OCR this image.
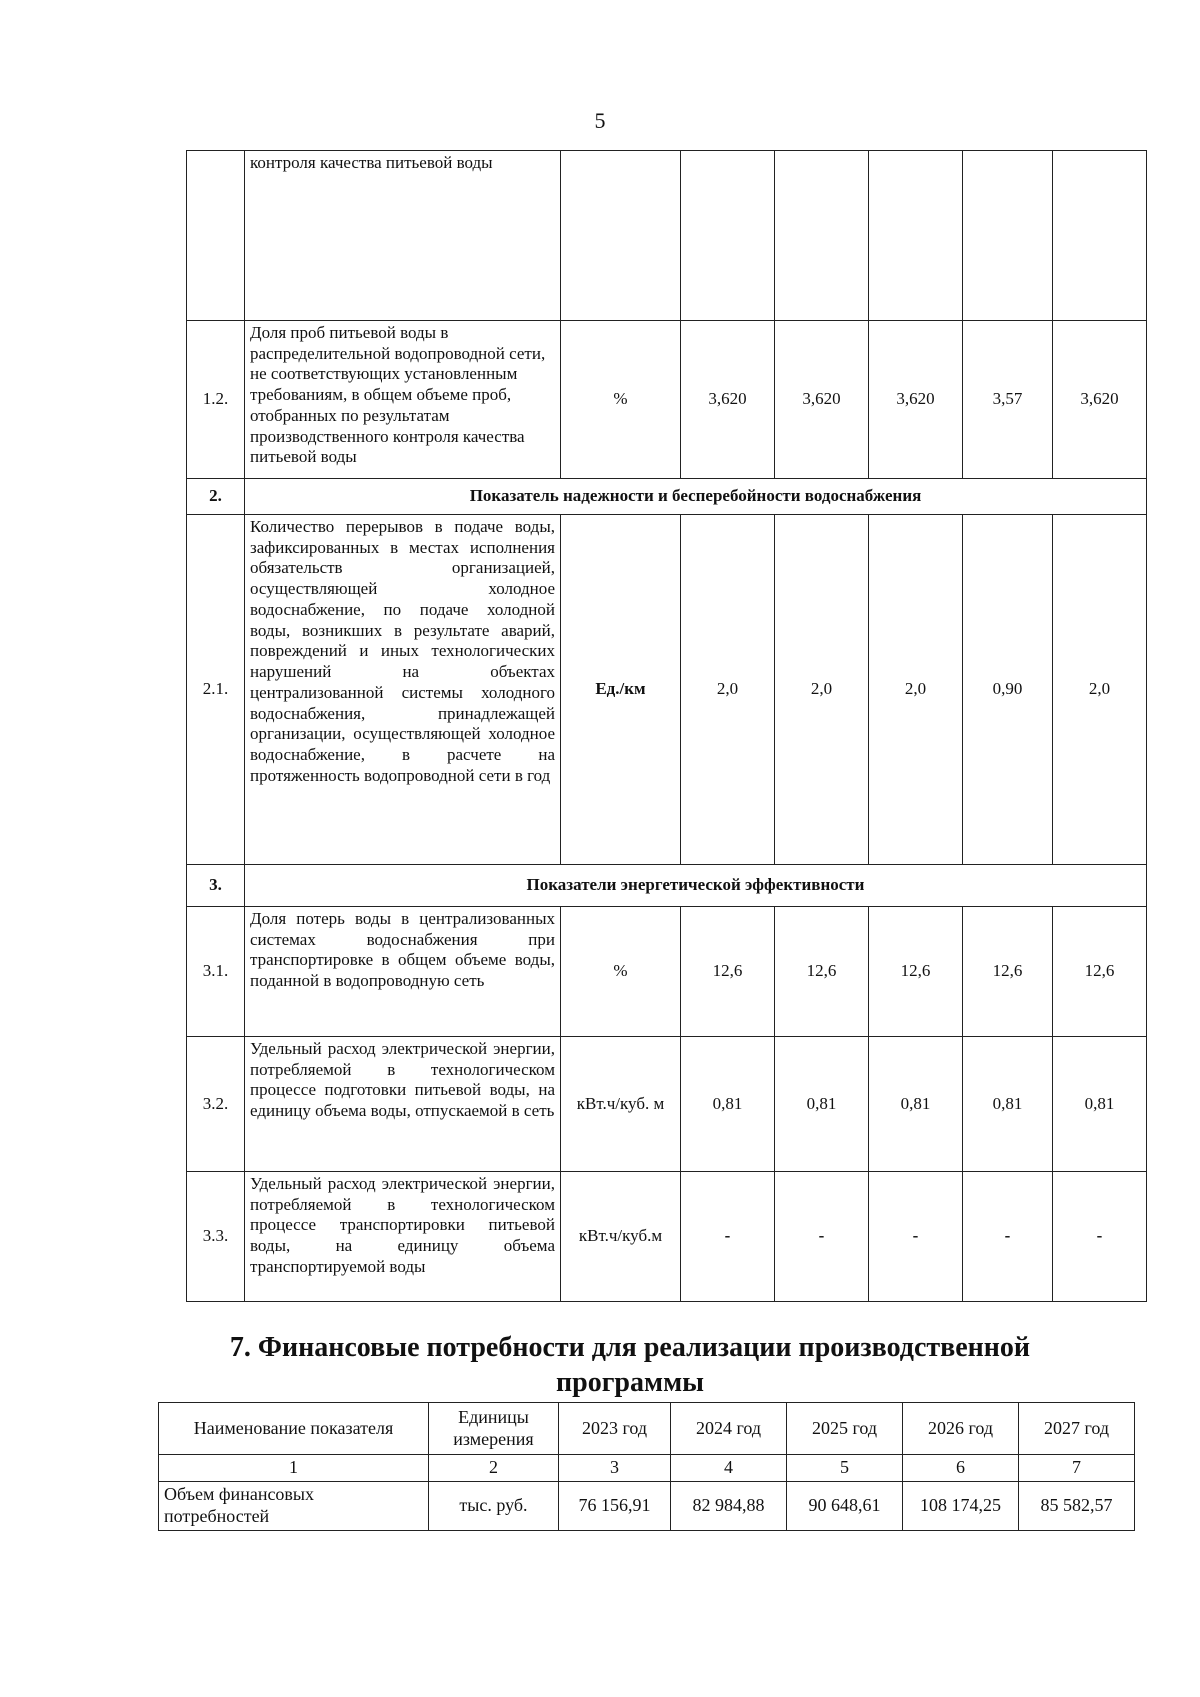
5
	контроля качества питьевой воды						
1.2.	Доля проб питьевой воды в распределительной водопроводной сети, не соответствующих установленным требованиям, в общем объеме проб, отобранных по результатам производственного контроля качества питьевой воды	%	3,620	3,620	3,620	3,57	3,620
2.	Показатель надежности и бесперебойности водоснабжения						
2.1.	Количество перерывов в подаче воды, зафиксированных в местах исполнения обязательств организацией, осуществляющей холодное водоснабжение, по подаче холодной воды, возникших в результате аварий, повреждений и иных технологических нарушений на объектах централизованной системы холодного водоснабжения, принадлежащей организации, осуществляющей холодное водоснабжение, в расчете на протяженность водопроводной сети в год	Ед./км	2,0	2,0	2,0	0,90	2,0
3.	Показатели энергетической эффективности						
3.1.	Доля потерь воды в централизованных системах водоснабжения при транспортировке в общем объеме воды, поданной в водопроводную сеть	%	12,6	12,6	12,6	12,6	12,6
3.2.	Удельный расход электрической энергии, потребляемой в технологическом процессе подготовки питьевой воды, на единицу объема воды, отпускаемой в сеть	кВт.ч/куб. м	0,81	0,81	0,81	0,81	0,81
3.3.	Удельный расход электрической энергии, потребляемой в технологическом процессе транспортировки питьевой воды, на единицу объема транспортируемой воды	кВт.ч/куб.м	-	-	-	-	-
7. Финансовые потребности для реализации производственной
программы
Наименование показателя	Единицы измерения	2023 год	2024 год	2025 год	2026 год	2027 год
1	2	3	4	5	6	7
Объем финансовых потребностей	тыс. руб.	76 156,91	82 984,88	90 648,61	108 174,25	85 582,57
